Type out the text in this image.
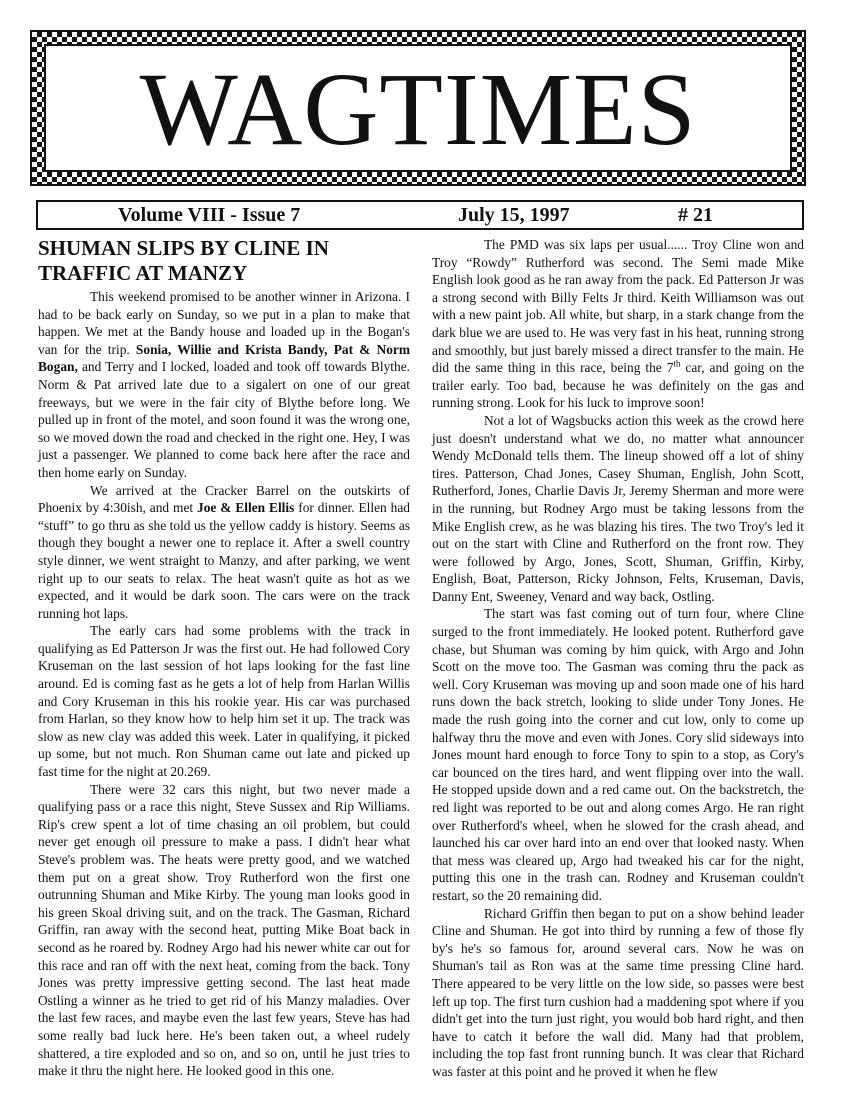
WAGTIMES
Volume VIII - Issue 7	July 15, 1997	# 21
SHUMAN SLIPS BY CLINE IN TRAFFIC AT MANZY

This weekend promised to be another winner in Arizona. I had to be back early on Sunday, so we put in a plan to make that happen. We met at the Bandy house and loaded up in the Bogan's van for the trip. Sonia, Willie and Krista Bandy, Pat & Norm Bogan, and Terry and I locked, loaded and took off towards Blythe. Norm & Pat arrived late due to a sigalert on one of our great freeways, but we were in the fair city of Blythe before long. We pulled up in front of the motel, and soon found it was the wrong one, so we moved down the road and checked in the right one. Hey, I was just a passenger. We planned to come back here after the race and then home early on Sunday.

We arrived at the Cracker Barrel on the outskirts of Phoenix by 4:30ish, and met Joe & Ellen Ellis for dinner. Ellen had “stuff” to go thru as she told us the yellow caddy is history. Seems as though they bought a newer one to replace it. After a swell country style dinner, we went straight to Manzy, and after parking, we went right up to our seats to relax. The heat wasn't quite as hot as we expected, and it would be dark soon. The cars were on the track running hot laps.

The early cars had some problems with the track in qualifying as Ed Patterson Jr was the first out. He had followed Cory Kruseman on the last session of hot laps looking for the fast line around. Ed is coming fast as he gets a lot of help from Harlan Willis and Cory Kruseman in this his rookie year. His car was purchased from Harlan, so they know how to help him set it up. The track was slow as new clay was added this week. Later in qualifying, it picked up some, but not much. Ron Shuman came out late and picked up fast time for the night at 20.269.

There were 32 cars this night, but two never made a qualifying pass or a race this night, Steve Sussex and Rip Williams. Rip's crew spent a lot of time chasing an oil problem, but could never get enough oil pressure to make a pass. I didn't hear what Steve's problem was. The heats were pretty good, and we watched them put on a great show. Troy Rutherford won the first one outrunning Shuman and Mike Kirby. The young man looks good in his green Skoal driving suit, and on the track. The Gasman, Richard Griffin, ran away with the second heat, putting Mike Boat back in second as he roared by. Rodney Argo had his newer white car out for this race and ran off with the next heat, coming from the back. Tony Jones was pretty impressive getting second. The last heat made Ostling a winner as he tried to get rid of his Manzy maladies. Over the last few races, and maybe even the last few years, Steve has had some really bad luck here. He's been taken out, a wheel rudely shattered, a tire exploded and so on, and so on, until he just tries to make it thru the night here. He looked good in this one.

The PMD was six laps per usual...... Troy Cline won and Troy “Rowdy” Rutherford was second. The Semi made Mike English look good as he ran away from the pack. Ed Patterson Jr was a strong second with Billy Felts Jr third. Keith Williamson was out with a new paint job. All white, but sharp, in a stark change from the dark blue we are used to. He was very fast in his heat, running strong and smoothly, but just barely missed a direct transfer to the main. He did the same thing in this race, being the 7th car, and going on the trailer early. Too bad, because he was definitely on the gas and running strong. Look for his luck to improve soon!

Not a lot of Wagsbucks action this week as the crowd here just doesn't understand what we do, no matter what announcer Wendy McDonald tells them. The lineup showed off a lot of shiny tires. Patterson, Chad Jones, Casey Shuman, English, John Scott, Rutherford, Jones, Charlie Davis Jr, Jeremy Sherman and more were in the running, but Rodney Argo must be taking lessons from the Mike English crew, as he was blazing his tires. The two Troy's led it out on the start with Cline and Rutherford on the front row. They were followed by Argo, Jones, Scott, Shuman, Griffin, Kirby, English, Boat, Patterson, Ricky Johnson, Felts, Kruseman, Davis, Danny Ent, Sweeney, Venard and way back, Ostling.

The start was fast coming out of turn four, where Cline surged to the front immediately. He looked potent. Rutherford gave chase, but Shuman was coming by him quick, with Argo and John Scott on the move too. The Gasman was coming thru the pack as well. Cory Kruseman was moving up and soon made one of his hard runs down the back stretch, looking to slide under Tony Jones. He made the rush going into the corner and cut low, only to come up halfway thru the move and even with Jones. Cory slid sideways into Jones mount hard enough to force Tony to spin to a stop, as Cory's car bounced on the tires hard, and went flipping over into the wall. He stopped upside down and a red came out. On the backstretch, the red light was reported to be out and along comes Argo. He ran right over Rutherford's wheel, when he slowed for the crash ahead, and launched his car over hard into an end over that looked nasty. When that mess was cleared up, Argo had tweaked his car for the night, putting this one in the trash can. Rodney and Kruseman couldn't restart, so the 20 remaining did.

Richard Griffin then began to put on a show behind leader Cline and Shuman. He got into third by running a few of those fly by's he's so famous for, around several cars. Now he was on Shuman's tail as Ron was at the same time pressing Cline hard. There appeared to be very little on the low side, so passes were best left up top. The first turn cushion had a maddening spot where if you didn't get into the turn just right, you would bob hard right, and then have to catch it before the wall did. Many had that problem, including the top fast front running bunch. It was clear that Richard was faster at this point and he proved it when he flew
